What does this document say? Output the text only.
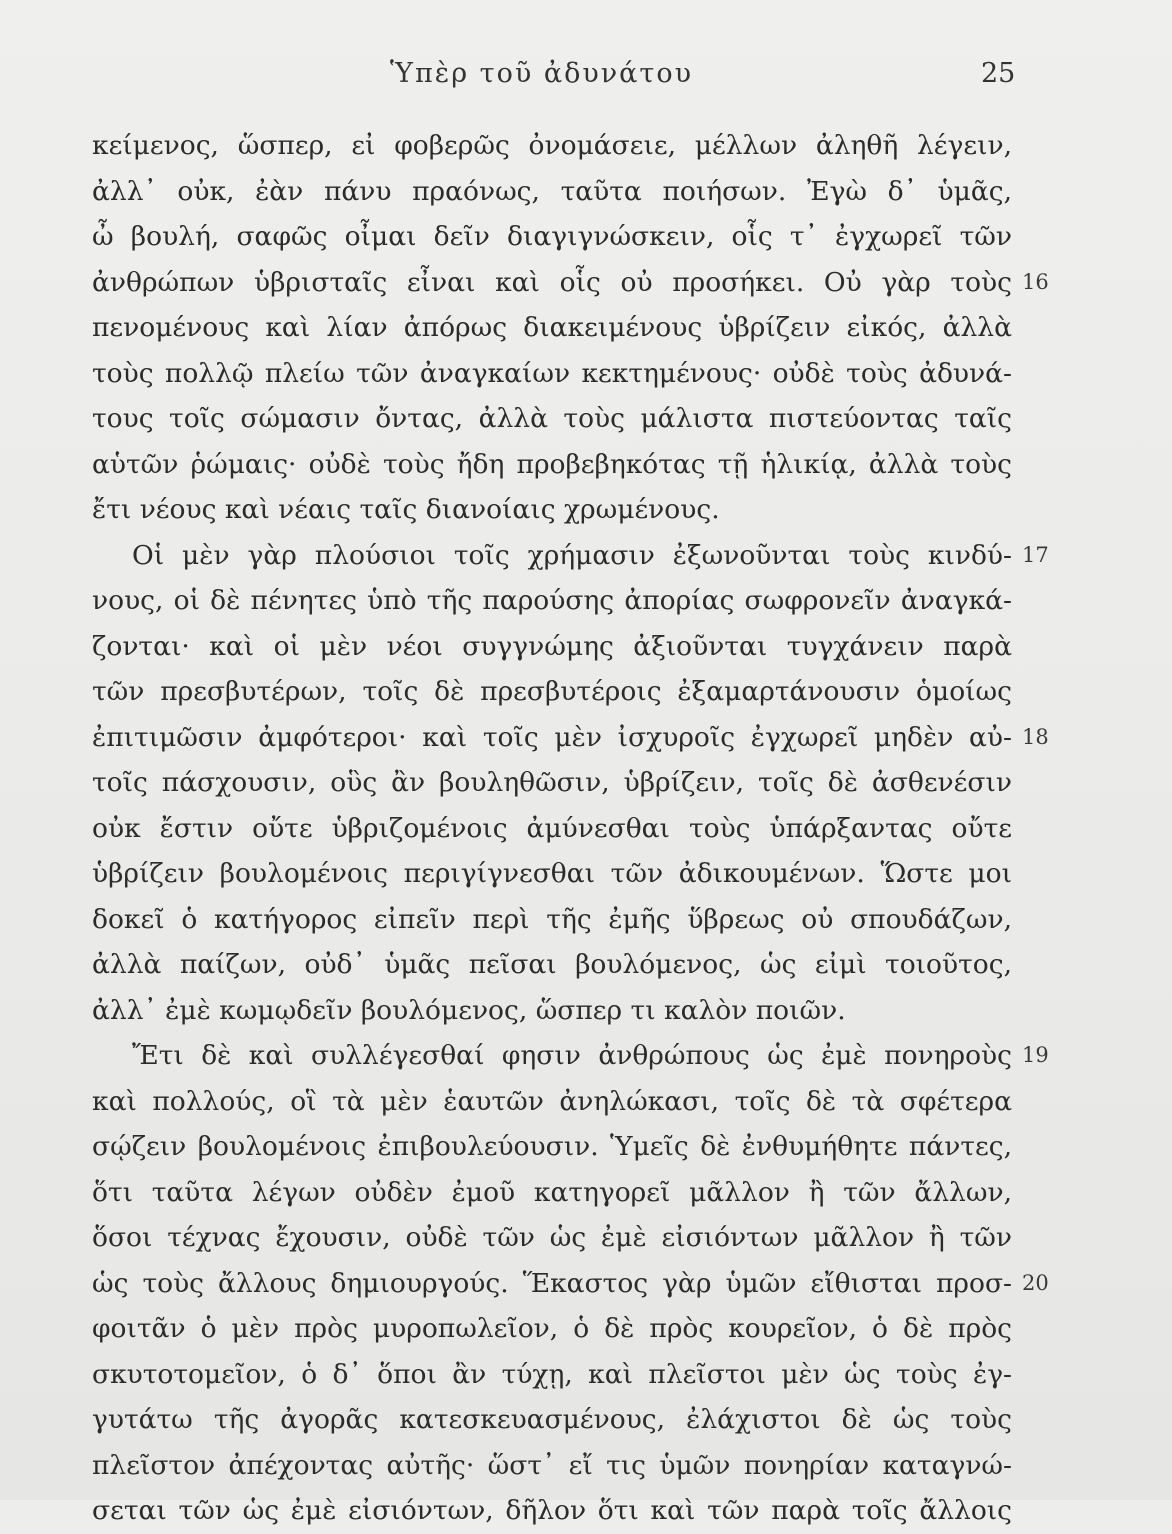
Ὑπὲρ τοῦ ἀδυνάτου	25
κείμενος, ὥσπερ, εἰ φοβερῶς ὀνομάσειε, μέλλων ἀληθῆ λέγειν,
ἀλλ᾽ οὐκ, ἐὰν πάνυ πραόνως, ταῦτα ποιήσων. Ἐγὼ δ᾽ ὑμᾶς,
ὦ βουλή, σαφῶς οἶμαι δεῖν διαγιγνώσκειν, οἷς τ᾽ ἐγχωρεῖ τῶν
ἀνθρώπων ὑβρισταῖς εἶναι καὶ οἷς οὐ προσήκει. Οὐ γὰρ τοὺς
πενομένους καὶ λίαν ἀπόρως διακειμένους ὑβρίζειν εἰκός, ἀλλὰ
τοὺς πολλῷ πλείω τῶν ἀναγκαίων κεκτημένους· οὐδὲ τοὺς ἀδυνά-
τους τοῖς σώμασιν ὄντας, ἀλλὰ τοὺς μάλιστα πιστεύοντας ταῖς
αὑτῶν ῥώμαις· οὐδὲ τοὺς ἤδη προβεβηκότας τῇ ἡλικίᾳ, ἀλλὰ τοὺς
ἔτι νέους καὶ νέαις ταῖς διανοίαις χρωμένους.
Οἱ μὲν γὰρ πλούσιοι τοῖς χρήμασιν ἐξωνοῦνται τοὺς κινδύ-
νους, οἱ δὲ πένητες ὑπὸ τῆς παρούσης ἀπορίας σωφρονεῖν ἀναγκά-
ζονται· καὶ οἱ μὲν νέοι συγγνώμης ἀξιοῦνται τυγχάνειν παρὰ
τῶν πρεσβυτέρων, τοῖς δὲ πρεσβυτέροις ἐξαμαρτάνουσιν ὁμοίως
ἐπιτιμῶσιν ἀμφότεροι· καὶ τοῖς μὲν ἰσχυροῖς ἐγχωρεῖ μηδὲν αὐ-
τοῖς πάσχουσιν, οὓς ἂν βουληθῶσιν, ὑβρίζειν, τοῖς δὲ ἀσθενέσιν
οὐκ ἔστιν οὔτε ὑβριζομένοις ἀμύνεσθαι τοὺς ὑπάρξαντας οὔτε
ὑβρίζειν βουλομένοις περιγίγνεσθαι τῶν ἀδικουμένων. Ὥστε μοι
δοκεῖ ὁ κατήγορος εἰπεῖν περὶ τῆς ἐμῆς ὕβρεως οὐ σπουδάζων,
ἀλλὰ παίζων, οὐδ᾽ ὑμᾶς πεῖσαι βουλόμενος, ὡς εἰμὶ τοιοῦτος,
ἀλλ᾽ ἐμὲ κωμῳδεῖν βουλόμενος, ὥσπερ τι καλὸν ποιῶν.
Ἔτι δὲ καὶ συλλέγεσθαί φησιν ἀνθρώπους ὡς ἐμὲ πονηροὺς
καὶ πολλούς, οἳ τὰ μὲν ἑαυτῶν ἀνηλώκασι, τοῖς δὲ τὰ σφέτερα
σῴζειν βουλομένοις ἐπιβουλεύουσιν. Ὑμεῖς δὲ ἐνθυμήθητε πάντες,
ὅτι ταῦτα λέγων οὐδὲν ἐμοῦ κατηγορεῖ μᾶλλον ἢ τῶν ἄλλων,
ὅσοι τέχνας ἔχουσιν, οὐδὲ τῶν ὡς ἐμὲ εἰσιόντων μᾶλλον ἢ τῶν
ὡς τοὺς ἄλλους δημιουργούς. Ἕκαστος γὰρ ὑμῶν εἴθισται προσ-
φοιτᾶν ὁ μὲν πρὸς μυροπωλεῖον, ὁ δὲ πρὸς κουρεῖον, ὁ δὲ πρὸς
σκυτοτομεῖον, ὁ δ᾽ ὅποι ἂν τύχῃ, καὶ πλεῖστοι μὲν ὡς τοὺς ἐγ-
γυτάτω τῆς ἀγορᾶς κατεσκευασμένους, ἐλάχιστοι δὲ ὡς τοὺς
πλεῖστον ἀπέχοντας αὐτῆς· ὥστ᾽ εἴ τις ὑμῶν πονηρίαν καταγνώ-
σεται τῶν ὡς ἐμὲ εἰσιόντων, δῆλον ὅτι καὶ τῶν παρὰ τοῖς ἄλλοις
16
17
18
19
20
